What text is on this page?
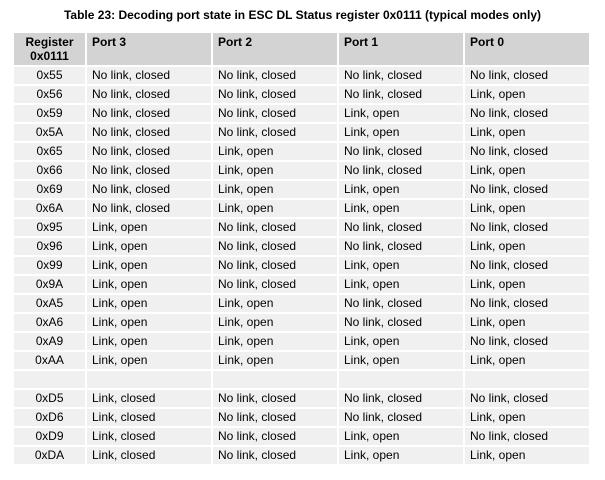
Table 23: Decoding port state in ESC DL Status register 0x0111 (typical modes only)
Register
0x0111	Port 3	Port 2	Port 1	Port 0
0x55	No link, closed	No link, closed	No link, closed	No link, closed
0x56	No link, closed	No link, closed	No link, closed	Link, open
0x59	No link, closed	No link, closed	Link, open	No link, closed
0x5A	No link, closed	No link, closed	Link, open	Link, open
0x65	No link, closed	Link, open	No link, closed	No link, closed
0x66	No link, closed	Link, open	No link, closed	Link, open
0x69	No link, closed	Link, open	Link, open	No link, closed
0x6A	No link, closed	Link, open	Link, open	Link, open
0x95	Link, open	No link, closed	No link, closed	No link, closed
0x96	Link, open	No link, closed	No link, closed	Link, open
0x99	Link, open	No link, closed	Link, open	No link, closed
0x9A	Link, open	No link, closed	Link, open	Link, open
0xA5	Link, open	Link, open	No link, closed	No link, closed
0xA6	Link, open	Link, open	No link, closed	Link, open
0xA9	Link, open	Link, open	Link, open	No link, closed
0xAA	Link, open	Link, open	Link, open	Link, open

0xD5	Link, closed	No link, closed	No link, closed	No link, closed
0xD6	Link, closed	No link, closed	No link, closed	Link, open
0xD9	Link, closed	No link, closed	Link, open	No link, closed
0xDA	Link, closed	No link, closed	Link, open	Link, open
